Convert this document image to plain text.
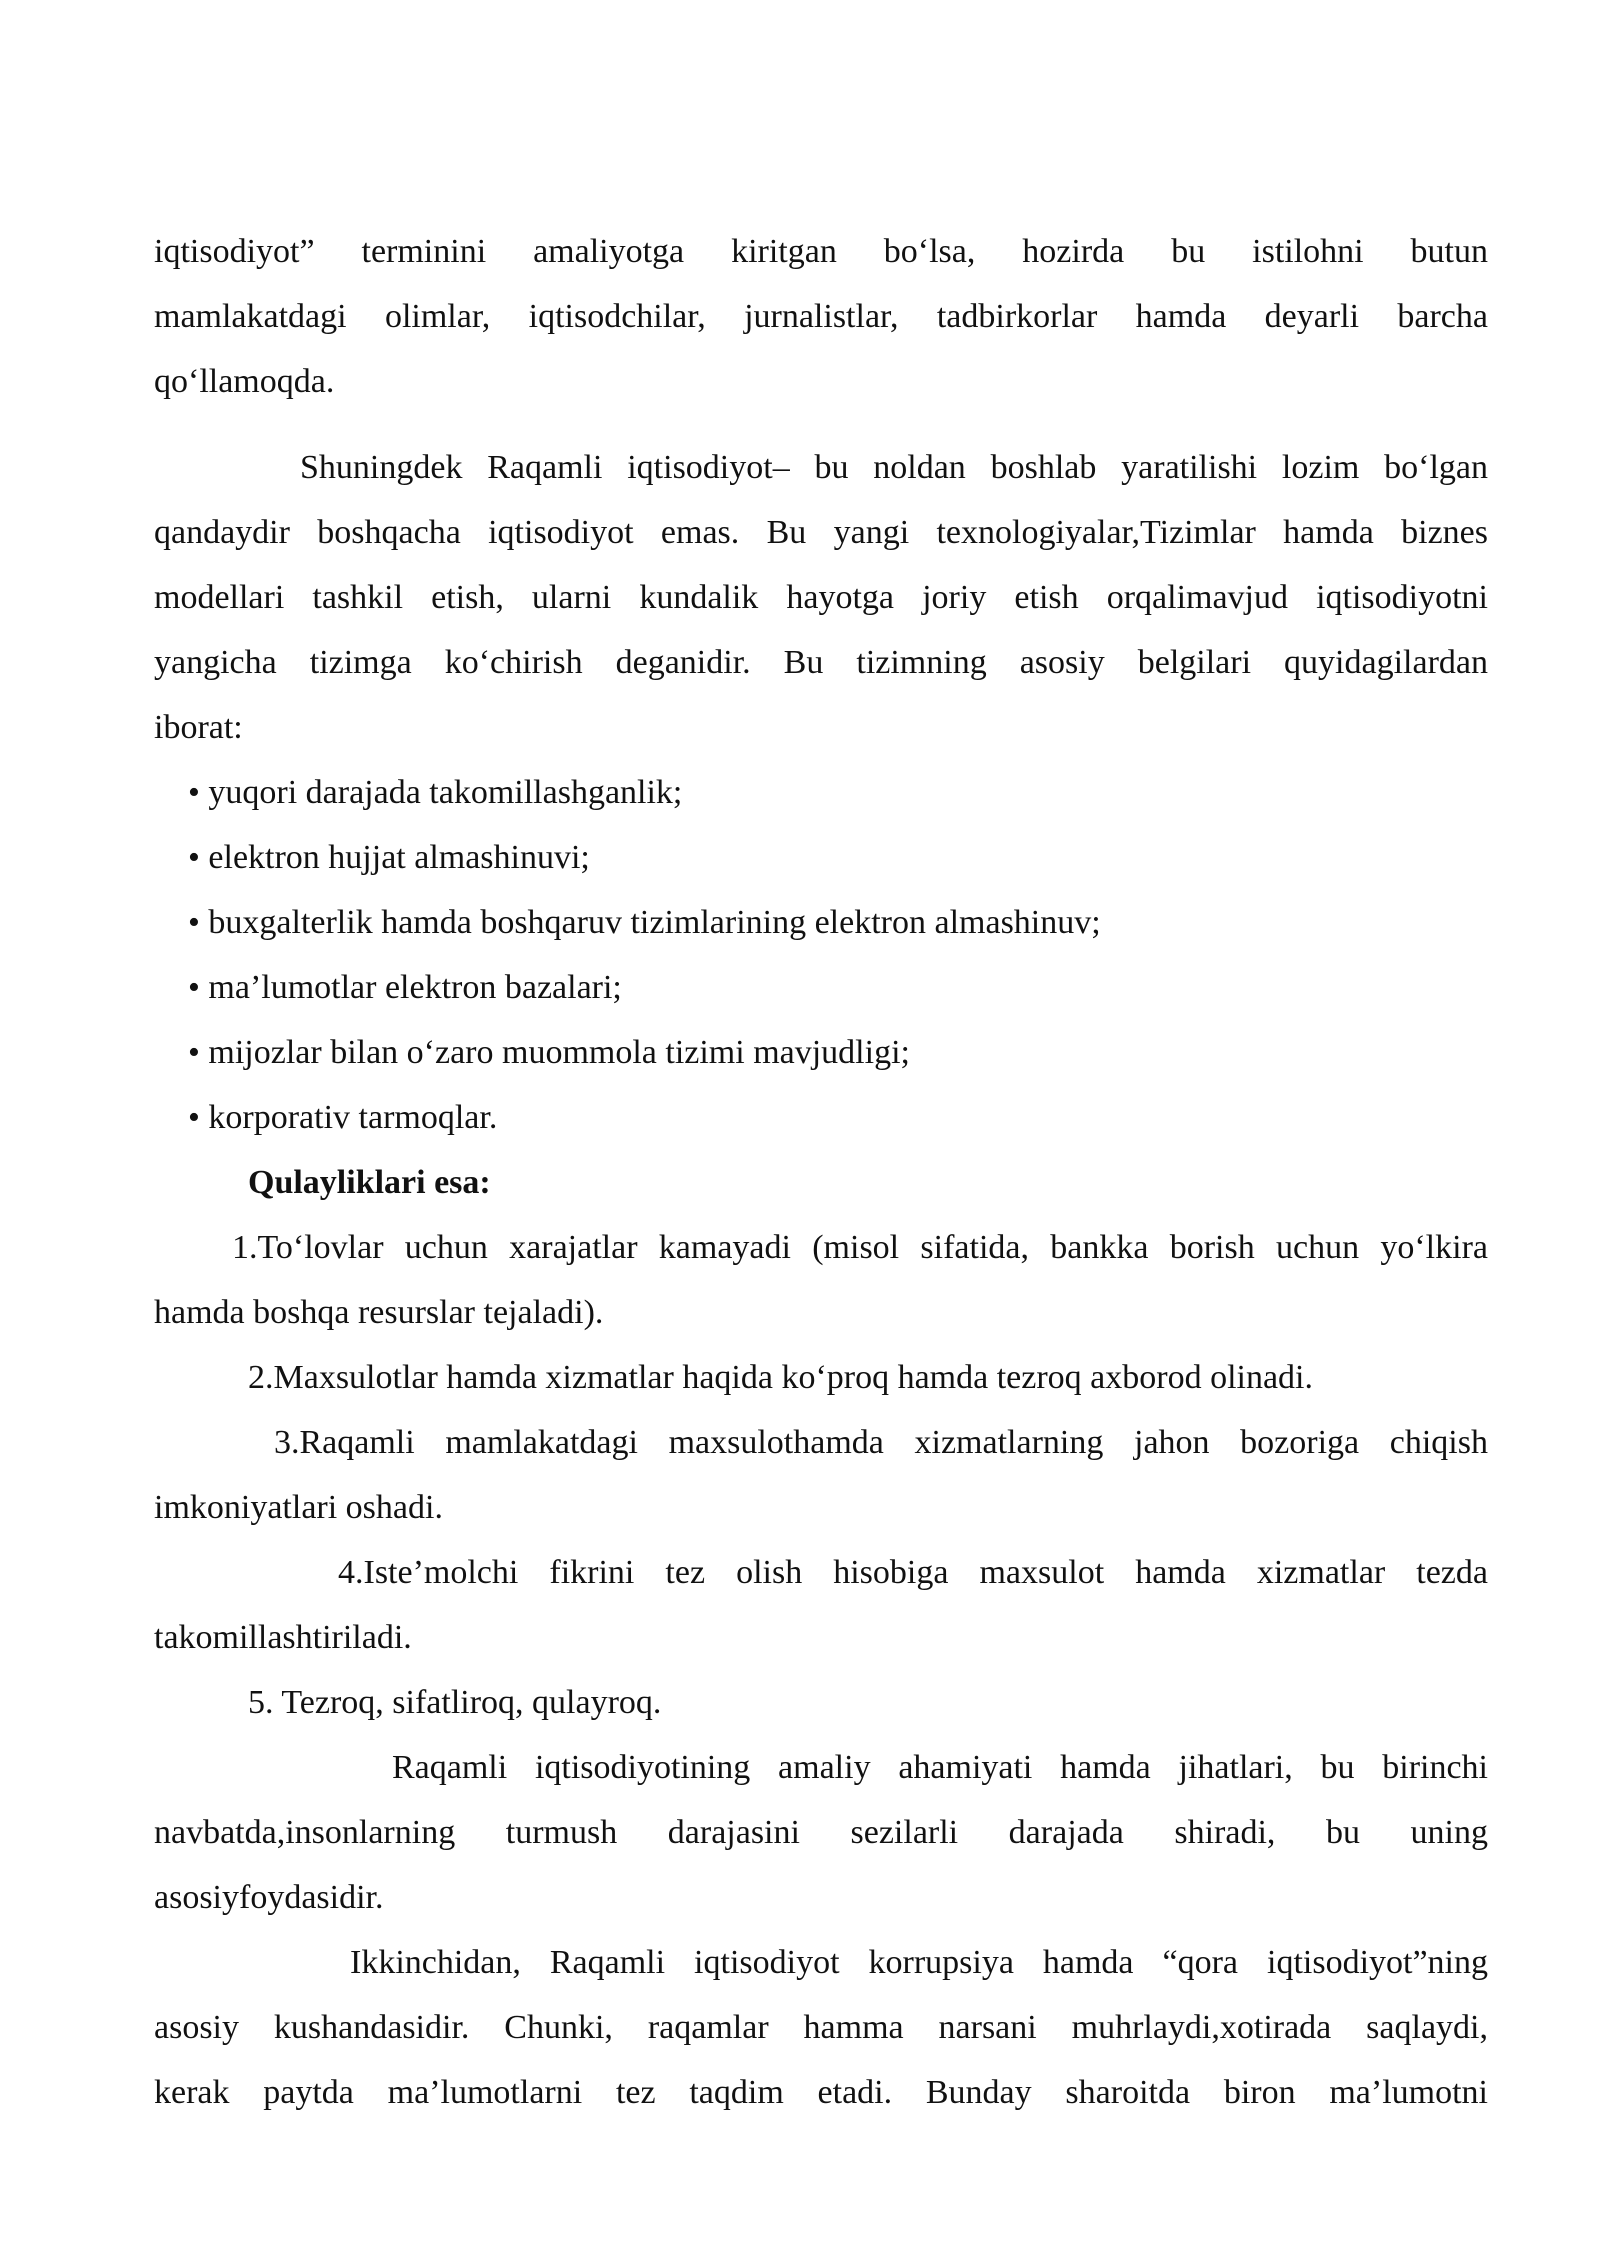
iqtisodiyot” terminini amaliyotga kiritgan bo‘lsa, hozirda bu istilohni butun
mamlakatdagi olimlar, iqtisodchilar, jurnalistlar, tadbirkorlar hamda deyarli barcha
qo‘llamoqda.
Shuningdek Raqamli iqtisodiyot– bu noldan boshlab yaratilishi lozim bo‘lgan
qandaydir boshqacha iqtisodiyot emas. Bu yangi texnologiyalar,Tizimlar hamda biznes
modellari tashkil etish, ularni kundalik hayotga joriy etish orqalimavjud iqtisodiyotni
yangicha tizimga ko‘chirish deganidir. Bu tizimning asosiy belgilari quyidagilardan
iborat:
• yuqori darajada takomillashganlik;
• elektron hujjat almashinuvi;
• buxgalterlik hamda boshqaruv tizimlarining elektron almashinuv;
• ma’lumotlar elektron bazalari;
• mijozlar bilan o‘zaro muommola tizimi mavjudligi;
• korporativ tarmoqlar.
Qulayliklari esa:
1.To‘lovlar uchun xarajatlar kamayadi (misol sifatida, bankka borish uchun yo‘lkira
hamda boshqa resurslar tejaladi).
2.Maxsulotlar hamda xizmatlar haqida ko‘proq hamda tezroq axborod olinadi.
3.Raqamli mamlakatdagi maxsulothamda xizmatlarning jahon bozoriga chiqish
imkoniyatlari oshadi.
4.Iste’molchi fikrini tez olish hisobiga maxsulot hamda xizmatlar tezda
takomillashtiriladi.
5. Tezroq, sifatliroq, qulayroq.
Raqamli iqtisodiyotining amaliy ahamiyati hamda jihatlari, bu birinchi
navbatda,insonlarning turmush darajasini sezilarli darajada shiradi, bu uning
asosiyfoydasidir.
Ikkinchidan, Raqamli iqtisodiyot korrupsiya hamda “qora iqtisodiyot”ning
asosiy kushandasidir. Chunki, raqamlar hamma narsani muhrlaydi,xotirada saqlaydi,
kerak paytda ma’lumotlarni tez taqdim etadi. Bunday sharoitda biron ma’lumotni
